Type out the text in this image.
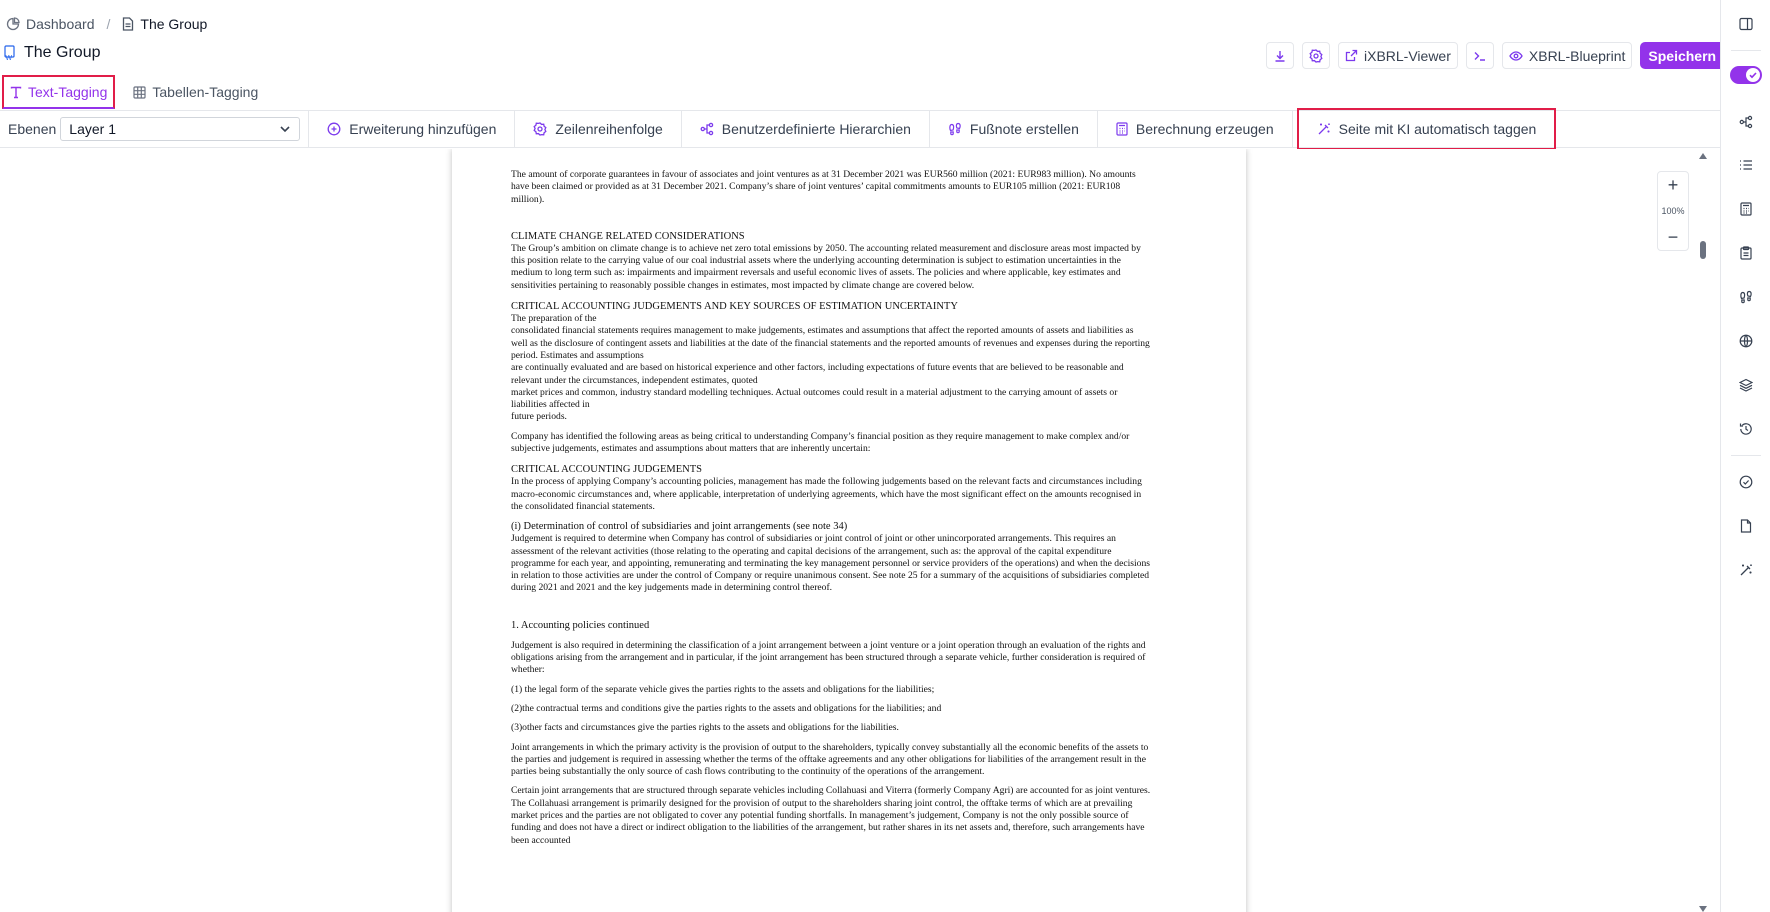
Dashboard / The Group
W The Group	iXBRL-Viewer	XBRL-Blueprint Speichern
Text-Tagging	Tabellen-Tagging
Ebenen Layer 1	Erweiterung hinzufügen	Zeilenreihenfolge	Benutzerdefinierte Hierarchien	Fußnote erstellen	Berechnung erzeugen	Seite mit KI automatisch taggen

The amount of corporate guarantees in favour of associates and joint ventures as at 31 December 2021 was EUR560 million (2021: EUR983 million). No amounts have been claimed or provided as at 31 December 2021. Company’s share of joint ventures’ capital commitments amounts to EUR105 million (2021: EUR108 million).

CLIMATE CHANGE RELATED CONSIDERATIONS

The Group’s ambition on climate change is to achieve net zero total emissions by 2050. The accounting related measurement and disclosure areas most impacted by this position relate to the carrying value of our coal industrial assets where the underlying accounting determination is subject to estimation uncertainties in the medium to long term such as: impairments and impairment reversals and useful economic lives of assets. The policies and where applicable, key estimates and sensitivities pertaining to reasonably possible changes in estimates, most impacted by climate change are covered below.

CRITICAL ACCOUNTING JUDGEMENTS AND KEY SOURCES OF ESTIMATION UNCERTAINTY

The preparation of the

consolidated financial statements requires management to make judgements, estimates and assumptions that affect the reported amounts of assets and liabilities as well as the disclosure of contingent assets and liabilities at the date of the financial statements and the reported amounts of revenues and expenses during the reporting period. Estimates and assumptions

are continually evaluated and are based on historical experience and other factors, including expectations of future events that are believed to be reasonable and relevant under the circumstances, independent estimates, quoted

market prices and common, industry standard modelling techniques. Actual outcomes could result in a material adjustment to the carrying amount of assets or liabilities affected in

future periods.

Company has identified the following areas as being critical to understanding Company’s financial position as they require management to make complex and/or subjective judgements, estimates and assumptions about matters that are inherently uncertain:

CRITICAL ACCOUNTING JUDGEMENTS

In the process of applying Company’s accounting policies, management has made the following judgements based on the relevant facts and circumstances including macro-economic circumstances and, where applicable, interpretation of underlying agreements, which have the most significant effect on the amounts recognised in the consolidated financial statements.

(i) Determination of control of subsidiaries and joint arrangements (see note 34)

Judgement is required to determine when Company has control of subsidiaries or joint control of joint or other unincorporated arrangements. This requires an assessment of the relevant activities (those relating to the operating and capital decisions of the arrangement, such as: the approval of the capital expenditure programme for each year, and appointing, remunerating and terminating the key management personnel or service providers of the operations) and when the decisions in relation to those activities are under the control of Company or require unanimous consent. See note 25 for a summary of the acquisitions of subsidiaries completed during 2021 and 2021 and the key judgements made in determining control thereof.

1. Accounting policies continued

Judgement is also required in determining the classification of a joint arrangement between a joint venture or a joint operation through an evaluation of the rights and obligations arising from the arrangement and in particular, if the joint arrangement has been structured through a separate vehicle, further consideration is required of whether:

(1) the legal form of the separate vehicle gives the parties rights to the assets and obligations for the liabilities;

(2)the contractual terms and conditions give the parties rights to the assets and obligations for the liabilities; and

(3)other facts and circumstances give the parties rights to the assets and obligations for the liabilities.

Joint arrangements in which the primary activity is the provision of output to the shareholders, typically convey substantially all the economic benefits of the assets to the parties and judgement is required in assessing whether the terms of the offtake agreements and any other obligations for liabilities of the arrangement result in the parties being substantially the only source of cash flows contributing to the continuity of the operations of the arrangement.

Certain joint arrangements that are structured through separate vehicles including Collahuasi and Viterra (formerly Company Agri) are accounted for as joint ventures. The Collahuasi arrangement is primarily designed for the provision of output to the shareholders sharing joint control, the offtake terms of which are at prevailing market prices and the parties are not obligated to cover any potential funding shortfalls. In management’s judgement, Company is not the only possible source of funding and does not have a direct or indirect obligation to the liabilities of the arrangement, but rather shares in its net assets and, therefore, such arrangements have been accounted

+
100%
−
